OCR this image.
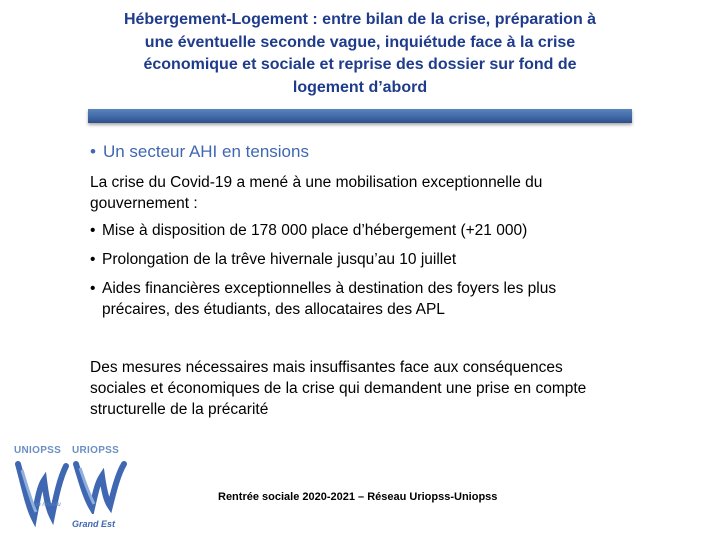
Hébergement-Logement : entre bilan de la crise, préparation à
une éventuelle seconde vague, inquiétude face à la crise
économique et sociale et reprise des dossier sur fond de
logement d’abord
• Un secteur AHI en tensions
La crise du Covid-19 a mené à une mobilisation exceptionnelle du
gouvernement :
• Mise à disposition de 178 000 place d’hébergement (+21 000)
• Prolongation de la trêve hivernale jusqu’au 10 juillet
• Aides financières exceptionnelles à destination des foyers les plus
précaires, des étudiants, des allocataires des APL
Des mesures nécessaires mais insuffisantes face aux conséquences
sociales et économiques de la crise qui demandent une prise en compte
structurelle de la précarité
UNIOPSS
un réseau
URIOPSS
Grand Est
Rentrée sociale 2020-2021 – Réseau Uriopss-Uniopss
